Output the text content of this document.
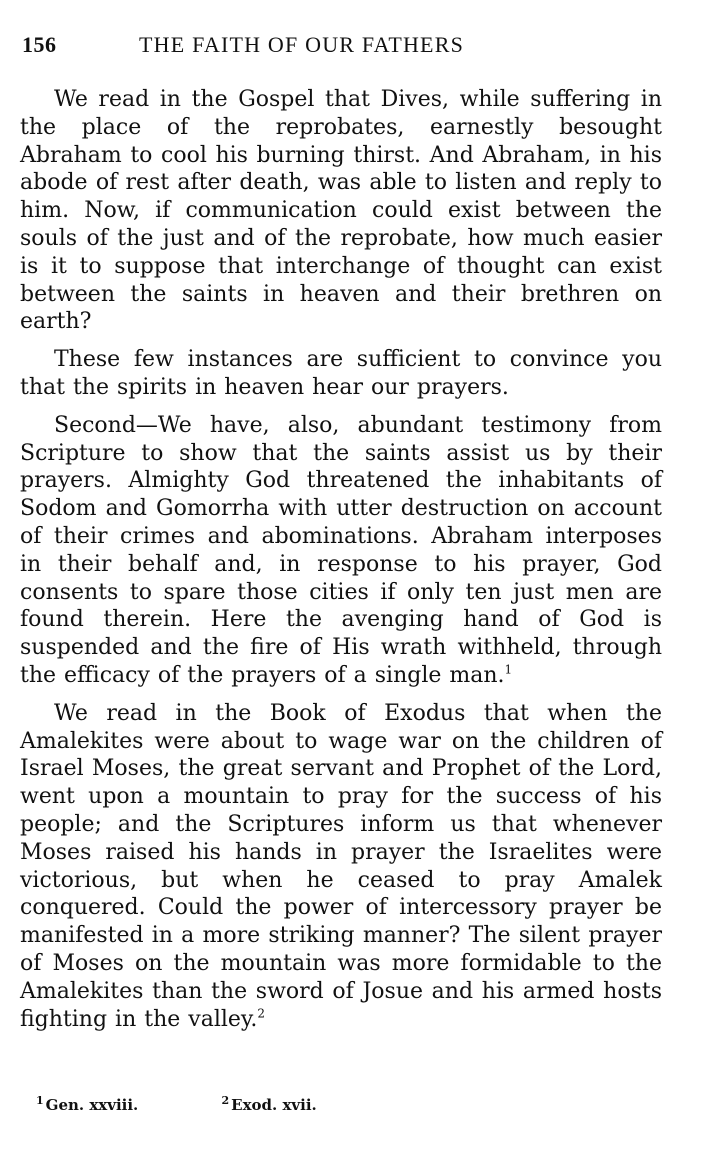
156	THE FAITH OF OUR FATHERS

We read in the Gospel that Dives, while suffering in the place of the reprobates, earnestly besought Abraham to cool his burning thirst. And Abraham, in his abode of rest after death, was able to listen and reply to him. Now, if communication could exist between the souls of the just and of the reprobate, how much easier is it to suppose that interchange of thought can exist between the saints in heaven and their brethren on earth?

These few instances are sufficient to convince you that the spirits in heaven hear our prayers.

Second—We have, also, abundant testimony from Scripture to show that the saints assist us by their prayers. Almighty God threatened the inhabitants of Sodom and Gomorrha with utter destruction on account of their crimes and abominations. Abraham interposes in their behalf and, in response to his prayer, God consents to spare those cities if only ten just men are found therein. Here the avenging hand of God is suspended and the fire of His wrath withheld, through the efficacy of the prayers of a single man.$^1$

We read in the Book of Exodus that when the Amalekites were about to wage war on the children of Israel Moses, the great servant and Prophet of the Lord, went upon a mountain to pray for the success of his people; and the Scriptures inform us that whenever Moses raised his hands in prayer the Israelites were victorious, but when he ceased to pray Amalek conquered. Could the power of intercessory prayer be manifested in a more striking manner? The silent prayer of Moses on the mountain was more formidable to the Amalekites than the sword of Josue and his armed hosts fighting in the valley.$^2$

$^1$ Gen. xxviii.	$^2$ Exod. xvii.
